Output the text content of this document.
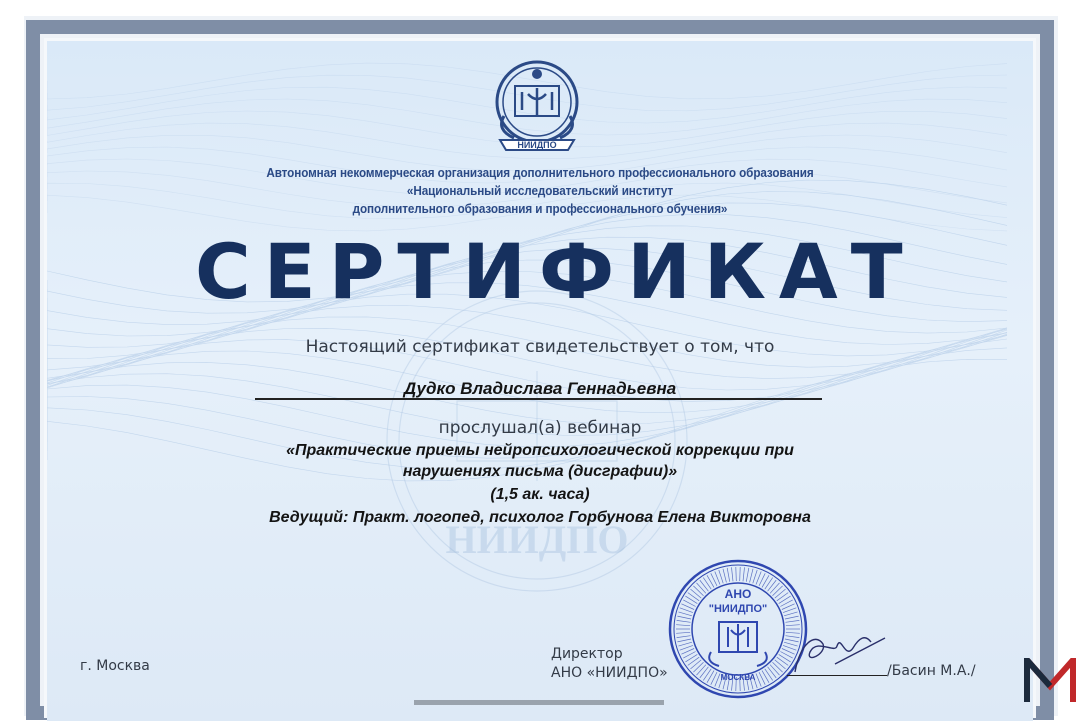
НИИДПО
НИИДПО
Автономная некоммерческая организация дополнительного профессионального образования
«Национальный исследовательский институт
дополнительного образования и профессионального обучения»
СЕРТИФИКАТ
Настоящий сертификат свидетельствует о том, что
Дудко Владислава Геннадьевна
прослушал(а) вебинар
«Практические приемы нейропсихологической коррекции при
нарушениях письма (дисграфии)»
(1,5 ак. часа)
Ведущий: Практ. логопед, психолог Горбунова Елена Викторовна
г. Москва
Директор
АНО «НИИДПО»
АНО
"НИИДПО"
МОСКВА	/Басин М.А./
